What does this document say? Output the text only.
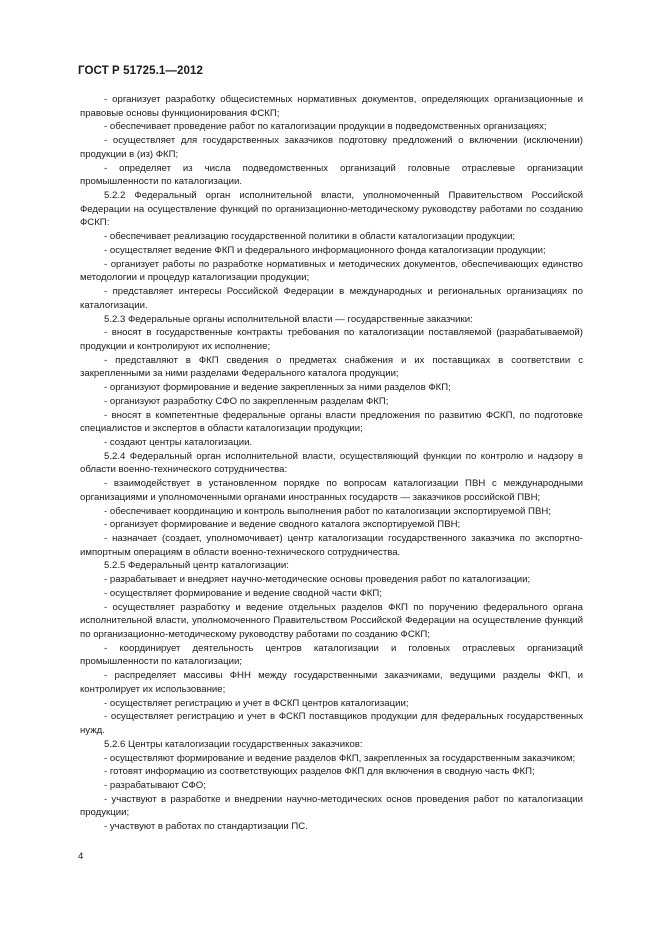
ГОСТ Р 51725.1—2012

- организует разработку общесистемных нормативных документов, определяющих организационные и правовые основы функционирования ФСКП;

- обеспечивает проведение работ по каталогизации продукции в подведомственных организациях;

- осуществляет для государственных заказчиков подготовку предложений о включении (исключении) продукции в (из) ФКП;

- определяет из числа подведомственных организаций головные отраслевые организации промышленности по каталогизации.

5.2.2 Федеральный орган исполнительной власти, уполномоченный Правительством Российской Федерации на осуществление функций по организационно-методическому руководству работами по созданию ФСКП:

- обеспечивает реализацию государственной политики в области каталогизации продукции;

- осуществляет ведение ФКП и федерального информационного фонда каталогизации продукции;

- организует работы по разработке нормативных и методических документов, обеспечивающих единство методологии и процедур каталогизации продукции;

- представляет интересы Российской Федерации в международных и региональных организациях по каталогизации.

5.2.3 Федеральные органы исполнительной власти — государственные заказчики:

- вносят в государственные контракты требования по каталогизации поставляемой (разрабатываемой) продукции и контролируют их исполнение;

- представляют в ФКП сведения о предметах снабжения и их поставщиках в соответствии с закрепленными за ними разделами Федерального каталога продукции;

- организуют формирование и ведение закрепленных за ними разделов ФКП;

- организуют разработку СФО по закрепленным разделам ФКП;

- вносят в компетентные федеральные органы власти предложения по развитию ФСКП, по подготовке специалистов и экспертов в области каталогизации продукции;

- создают центры каталогизации.

5.2.4 Федеральный орган исполнительной власти, осуществляющий функции по контролю и надзору в области военно-технического сотрудничества:

- взаимодействует в установленном порядке по вопросам каталогизации ПВН с международными организациями и уполномоченными органами иностранных государств — заказчиков российской ПВН;

- обеспечивает координацию и контроль выполнения работ по каталогизации экспортируемой ПВН;

- организует формирование и ведение сводного каталога экспортируемой ПВН;

- назначает (создает, уполномочивает) центр каталогизации государственного заказчика по экспортно-импортным операциям в области военно-технического сотрудничества.

5.2.5 Федеральный центр каталогизации:

- разрабатывает и внедряет научно-методические основы проведения работ по каталогизации;

- осуществляет формирование и ведение сводной части ФКП;

- осуществляет разработку и ведение отдельных разделов ФКП по поручению федерального органа исполнительной власти, уполномоченного Правительством Российской Федерации на осуществление функций по организационно-методическому руководству работами по созданию ФСКП;

- координирует деятельность центров каталогизации и головных отраслевых организаций промышленности по каталогизации;

- распределяет массивы ФНН между государственными заказчиками, ведущими разделы ФКП, и контролирует их использование;

- осуществляет регистрацию и учет в ФСКП центров каталогизации;

- осуществляет регистрацию и учет в ФСКП поставщиков продукции для федеральных государственных нужд.

5.2.6 Центры каталогизации государственных заказчиков:

- осуществляют формирование и ведение разделов ФКП, закрепленных за государственным заказчиком;

- готовят информацию из соответствующих разделов ФКП для включения в сводную часть ФКП;

- разрабатывают СФО;

- участвуют в разработке и внедрении научно-методических основ проведения работ по каталогизации продукции;

- участвуют в работах по стандартизации ПС.

4
